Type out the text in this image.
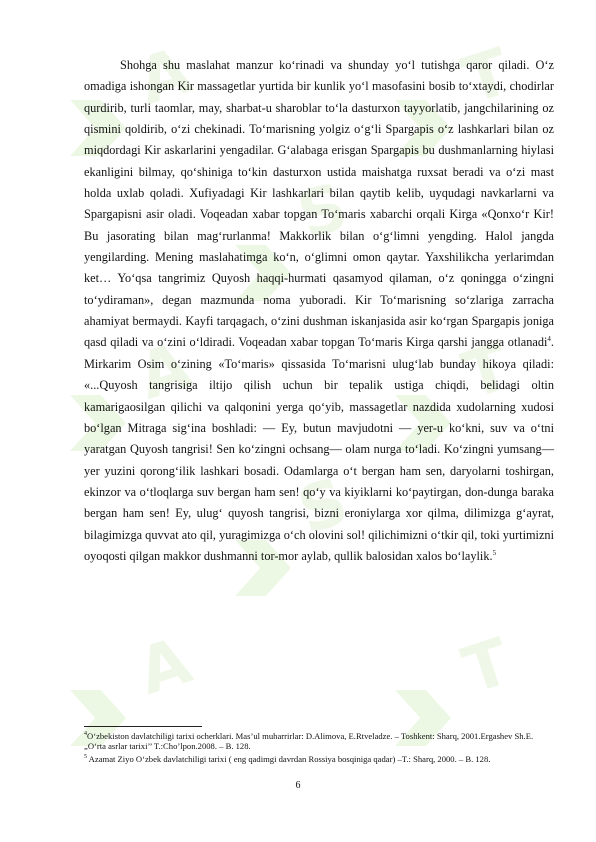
A
S
T
A
S
T
A	T

Shohga shu maslahat manzur ko‘rinadi va shunday yo‘l tutishga qaror qiladi. O‘z omadiga ishongan Kir massagetlar yurtida bir kunlik yo‘l masofasini bosib to‘xtaydi, chodirlar qurdirib, turli taomlar, may, sharbat-u sharoblar to‘la dasturxon tayyorlatib, jangchilarining oz qismini qoldirib, o‘zi chekinadi. To‘marisning yolgiz o‘g‘li Spargapis o‘z lashkarlari bilan oz miqdordagi Kir askarlarini yengadilar. G‘alabaga erisgan Spargapis bu dushmanlarning hiylasi ekanligini bilmay, qo‘shiniga to‘kin dasturxon ustida maishatga ruxsat beradi va o‘zi mast holda uxlab qoladi. Xufiyadagi Kir lashkarlari bilan qaytib kelib, uyqudagi navkarlarni va Spargapisni asir oladi. Voqeadan xabar topgan To‘maris xabarchi orqali Kirga «Qonxo‘r Kir! Bu jasorating bilan mag‘rurlanma! Makkorlik bilan o‘g‘limni yengding. Halol jangda yengilarding. Mening maslahatimga ko‘n, o‘glimni omon qaytar. Yaxshilikcha yerlarimdan ket… Yo‘qsa tangrimiz Quyosh haqqi-hurmati qasamyod qilaman, o‘z qoningga o‘zingni to‘ydiraman», degan mazmunda noma yuboradi. Kir To‘marisning so‘zlariga zarracha ahamiyat bermaydi. Kayfi tarqagach, o‘zini dushman iskanjasida asir ko‘rgan Spargapis joniga qasd qiladi va o‘zini o‘ldiradi. Voqeadan xabar topgan To‘maris Kirga qarshi jangga otlanadi$^4$. Mirkarim Osim o‘zining «To‘maris» qissasida To‘marisni ulug‘lab bunday hikoya qiladi: «...Quyosh tangrisiga iltijo qilish uchun bir tepalik ustiga chiqdi, belidagi oltin kamarigaosilgan qilichi va qalqonini yerga qo‘yib, massagetlar nazdida xudolarning xudosi bo‘lgan Mitraga sig‘ina boshladi: — Ey, butun mavjudotni — yer-u ko‘kni, suv va o‘tni yaratgan Quyosh tangrisi! Sen ko‘zingni ochsang— olam nurga to‘ladi. Ko‘zingni yumsang— yer yuzini qorong‘ilik lashkari bosadi. Odamlarga o‘t bergan ham sen, daryolarni toshirgan, ekinzor va o‘tloqlarga suv bergan ham sen! qo‘y va kiyiklarni ko‘paytirgan, don-dunga baraka bergan ham sen! Ey, ulug‘ quyosh tangrisi, bizni eroniylarga xor qilma, dilimizga g‘ayrat, bilagimizga quvvat ato qil, yuragimizga o‘ch olovini sol! qilichimizni o‘tkir qil, toki yurtimizni oyoqosti qilgan makkor dushmanni tor-mor aylab, qullik balosidan xalos bo‘laylik.$^5$

$^4$O‘zbekiston davlatchiligi tarixi ocherklari. Mas’ul muharrirlar: D.Alimova, E.Rtveladze. – Toshkent: Sharq, 2001.Ergashev Sh.E. „O‘rta asrlar tarixi’’ T.:Cho’lpon.2008. – B. 128.

$^5$ Azamat Ziyo O‘zbek davlatchiligi tarixi ( eng qadimgi davrdan Rossiya bosqiniga qadar) –T.: Sharq, 2000. – B. 128.

6
